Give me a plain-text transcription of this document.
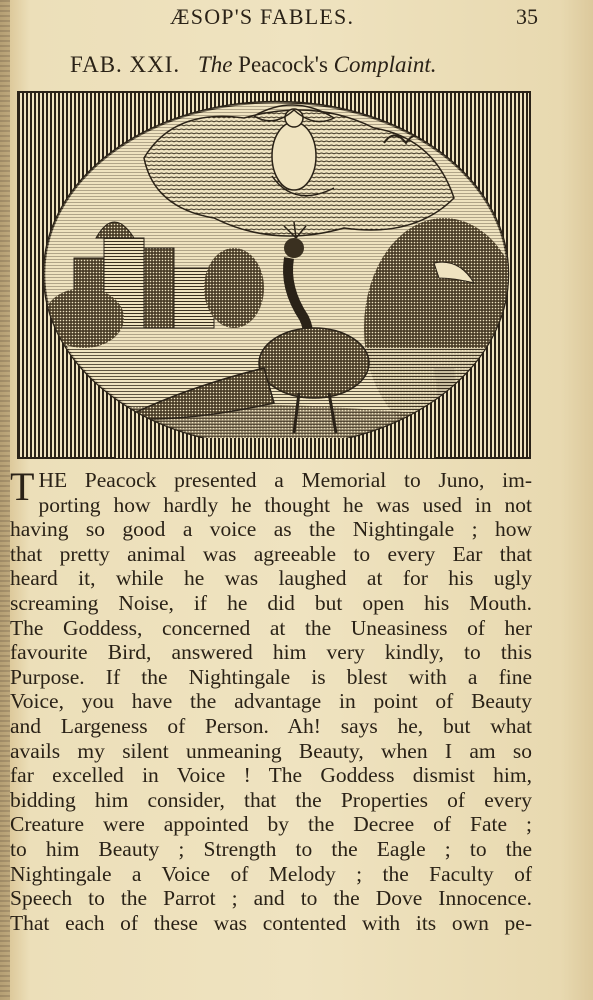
ÆSOP'S FABLES.	35
FAB. XXI. The Peacock's Complaint.
T HE Peacock presented a Memorial to Juno, im-
porting how hardly he thought he was used in not
having so good a voice as the Nightingale ; how
that pretty animal was agreeable to every Ear that
heard it, while he was laughed at for his ugly
screaming Noise, if he did but open his Mouth.
The Goddess, concerned at the Uneasiness of her
favourite Bird, answered him very kindly, to this
Purpose. If the Nightingale is blest with a fine
Voice, you have the advantage in point of Beauty
and Largeness of Person. Ah! says he, but what
avails my silent unmeaning Beauty, when I am so
far excelled in Voice ! The Goddess dismist him,
bidding him consider, that the Properties of every
Creature were appointed by the Decree of Fate ;
to him Beauty ; Strength to the Eagle ; to the
Nightingale a Voice of Melody ; the Faculty of
Speech to the Parrot ; and to the Dove Innocence.
That each of these was contented with its own pe-
